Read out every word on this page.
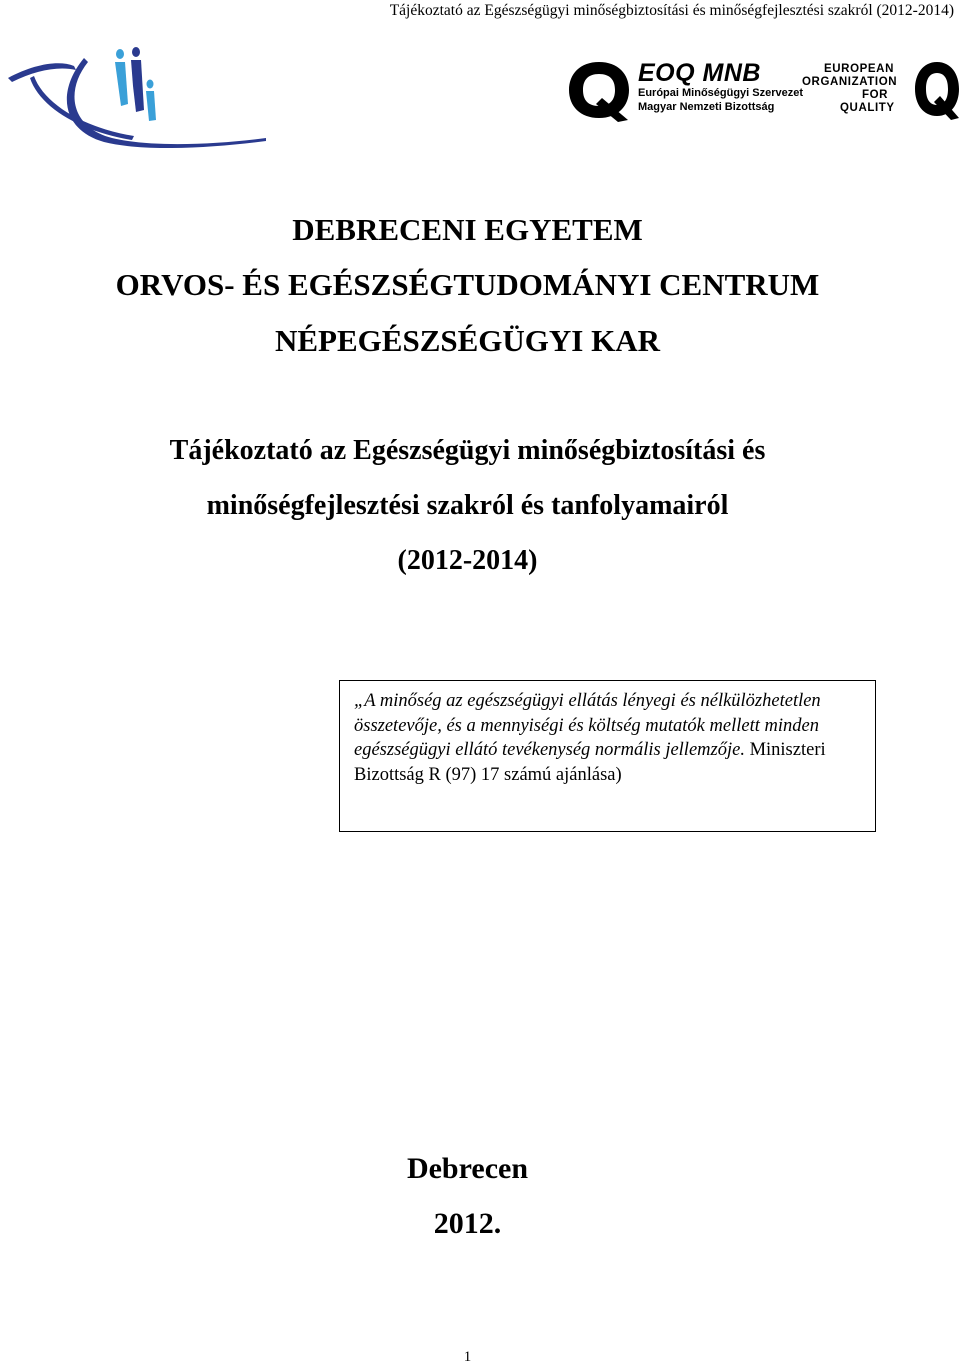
Tájékoztató az Egészségügyi minőségbiztosítási és minőségfejlesztési szakról (2012-2014)
EOQ MNB
Európai Minőségügyi Szervezet
Magyar Nemzeti Bizottság
EUROPEAN
ORGANIZATION
FOR
QUALITY
DEBRECENI EGYETEM
ORVOS- ÉS EGÉSZSÉGTUDOMÁNYI CENTRUM
NÉPEGÉSZSÉGÜGYI KAR
Tájékoztató az Egészségügyi minőségbiztosítási és
minőségfejlesztési szakról és tanfolyamairól
(2012-2014)
„A minőség az egészségügyi ellátás lényegi és nélkülözhetetlen összetevője, és a mennyiségi és költség mutatók mellett minden egészségügyi ellátó tevékenység normális jellemzője. Miniszteri Bizottság R (97) 17 számú ajánlása)
Debrecen
2012.
1
